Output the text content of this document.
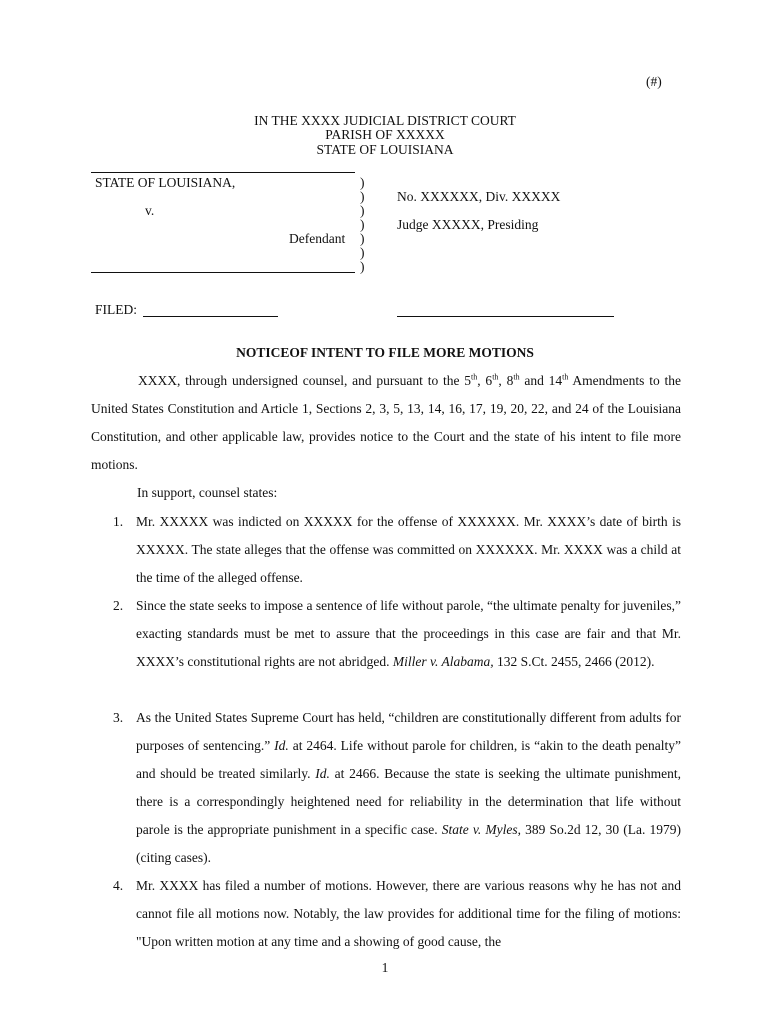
(#)
IN THE XXXX JUDICIAL DISTRICT COURT
PARISH OF XXXXX
STATE OF LOUISIANA
STATE OF LOUISIANA,
v.
Defendant
)
)
)
)
)
)
)
No. XXXXXX, Div. XXXXX
Judge XXXXX, Presiding
FILED:
NOTICEOF INTENT TO FILE MORE MOTIONS
XXXX, through undersigned counsel, and pursuant to the 5th, 6th, 8th and 14th Amendments to the United States Constitution and Article 1, Sections 2, 3, 5, 13, 14, 16, 17, 19, 20, 22, and 24 of the Louisiana Constitution, and other applicable law, provides notice to the Court and the state of his intent to file more motions.
In support, counsel states:
1. Mr. XXXXX was indicted on XXXXX for the offense of XXXXXX. Mr. XXXX’s date of birth is XXXXX. The state alleges that the offense was committed on XXXXXX. Mr. XXXX was a child at the time of the alleged offense.
2. Since the state seeks to impose a sentence of life without parole, “the ultimate penalty for juveniles,” exacting standards must be met to assure that the proceedings in this case are fair and that Mr. XXXX’s constitutional rights are not abridged. Miller v. Alabama, 132 S.Ct. 2455, 2466 (2012).
3. As the United States Supreme Court has held, “children are constitutionally different from adults for purposes of sentencing.” Id. at 2464. Life without parole for children, is “akin to the death penalty” and should be treated similarly. Id. at 2466. Because the state is seeking the ultimate punishment, there is a correspondingly heightened need for reliability in the determination that life without parole is the appropriate punishment in a specific case. State v. Myles, 389 So.2d 12, 30 (La. 1979) (citing cases).
4. Mr. XXXX has filed a number of motions. However, there are various reasons why he has not and cannot file all motions now. Notably, the law provides for additional time for the filing of motions: "Upon written motion at any time and a showing of good cause, the
1
